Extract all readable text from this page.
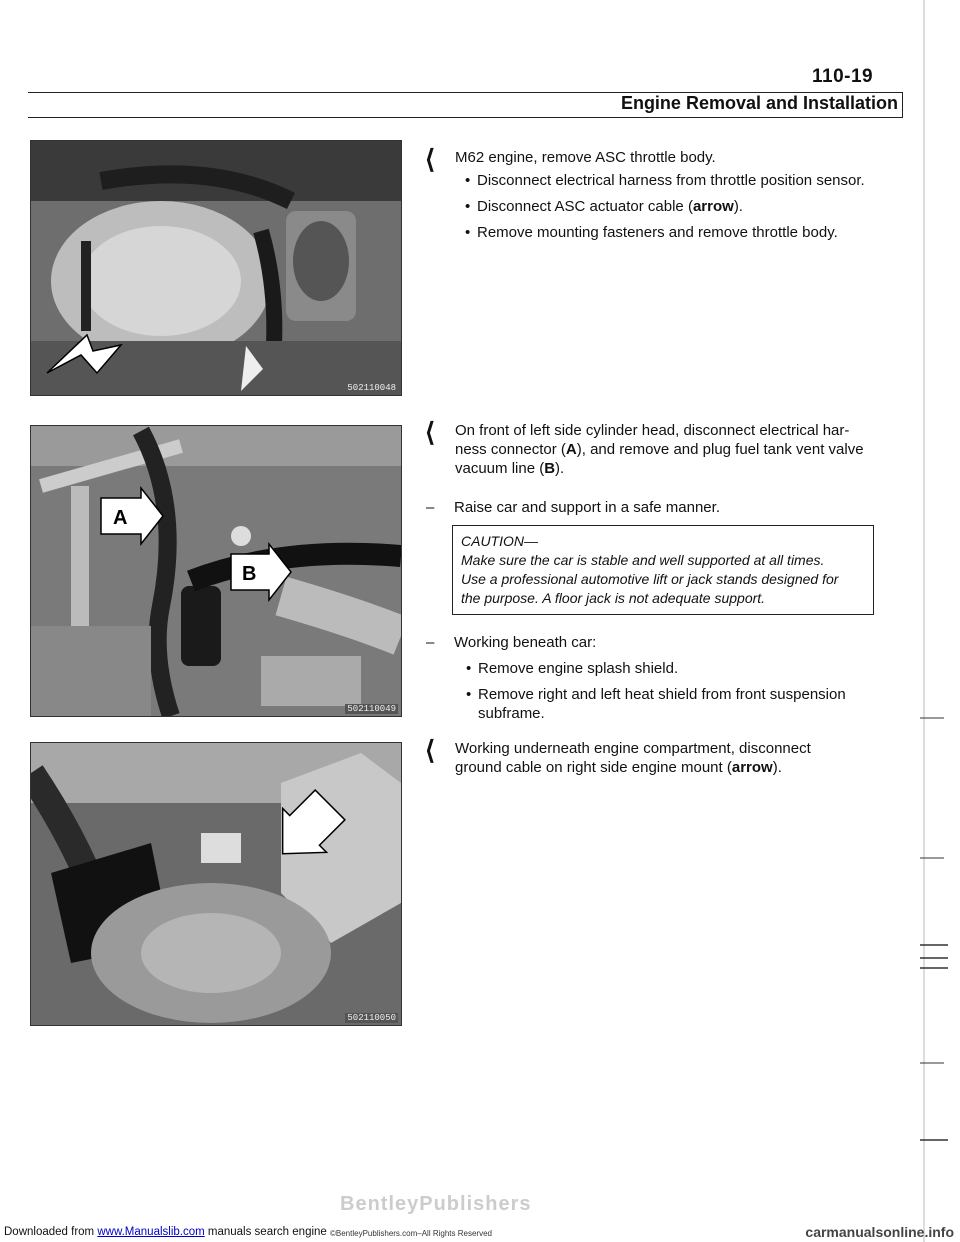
110-19
Engine Removal and Installation
502110048
A
B
502110049
502110050
⟨	M62 engine, remove ASC throttle body.
• Disconnect electrical harness from throttle position sensor.
• Disconnect ASC actuator cable (arrow).
• Remove mounting fasteners and remove throttle body.
⟨ On front of left side cylinder head, disconnect electrical har-
ness connector (A), and remove and plug fuel tank vent valve
vacuum line (B).
– Raise car and support in a safe manner.
CAUTION—
Make sure the car is stable and well supported at all times.
Use a professional automotive lift or jack stands designed for
the purpose. A floor jack is not adequate support.
– Working beneath car:
• Remove engine splash shield.
• Remove right and left heat shield from front suspension
subframe.
⟨ Working underneath engine compartment, disconnect
ground cable on right side engine mount (arrow).
BentleyPublishers
Downloaded from www.Manualslib.com manuals search engine ©BentleyPublishers.com–All Rights Reserved	carmanualsonline.info
